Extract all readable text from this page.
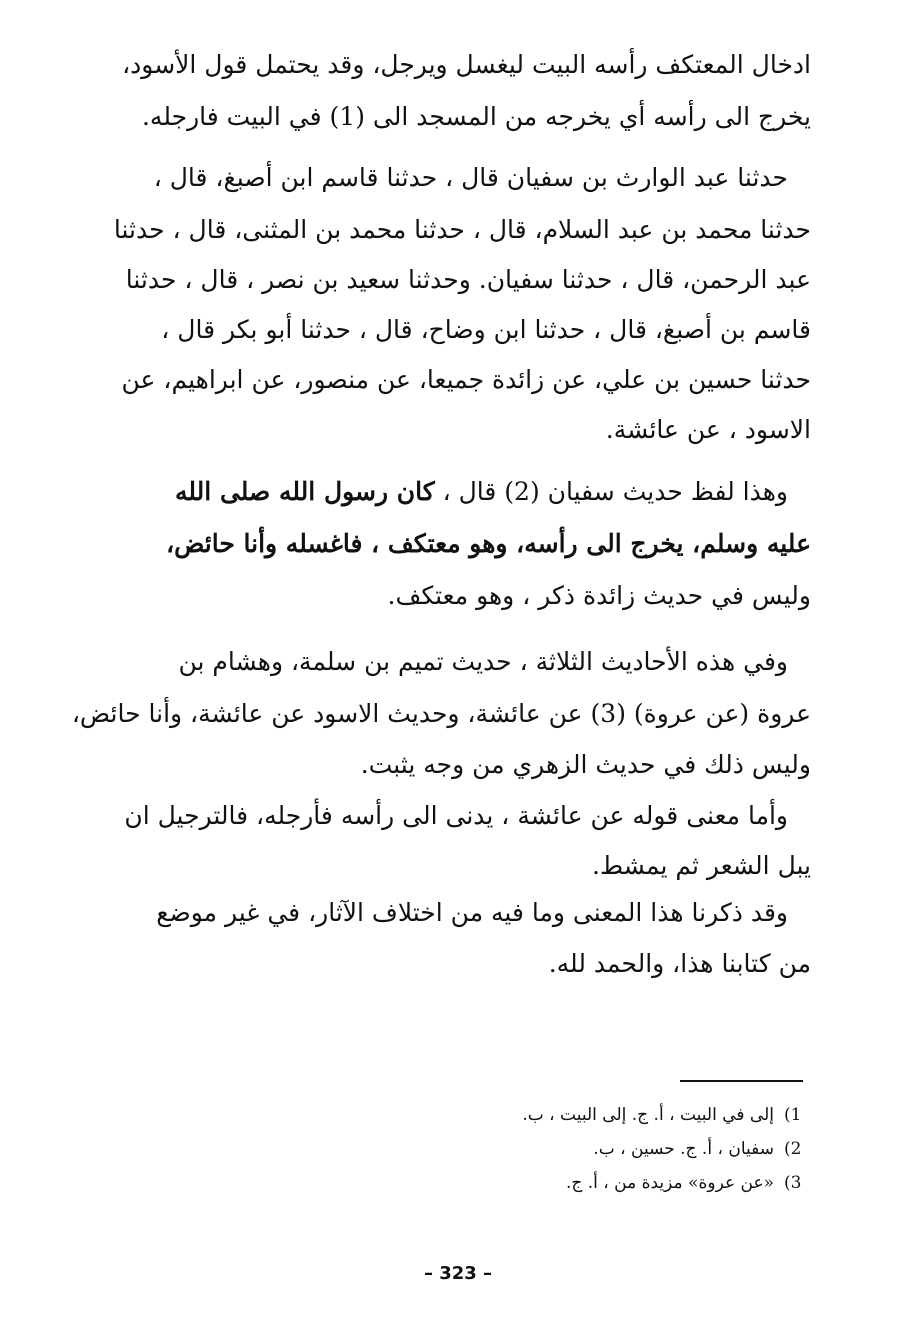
ادخال المعتكف رأسه البيت ليغسل ويرجل، وقد يحتمل قول الأسود،
يخرج الى رأسه أي يخرجه من المسجد الى (1) في البيت فارجله.
حدثنا عبد الوارث بن سفيان قال ، حدثنا قاسم ابن أصبغ، قال ،
حدثنا محمد بن عبد السلام، قال ، حدثنا محمد بن المثنى، قال ، حدثنا
عبد الرحمن، قال ، حدثنا سفيان. وحدثنا سعيد بن نصر ، قال ، حدثنا
قاسم بن أصبغ، قال ، حدثنا ابن وضاح، قال ، حدثنا أبو بكر قال ،
حدثنا حسين بن علي، عن زائدة جميعا، عن منصور، عن ابراهيم، عن
الاسود ، عن عائشة.
وهذا لفظ حديث سفيان (2) قال ، كان رسول الله صلى الله
عليه وسلم، يخرج الى رأسه، وهو معتكف ، فاغسله وأنا حائض،
وليس في حديث زائدة ذكر ، وهو معتكف.
وفي هذه الأحاديث الثلاثة ، حديث تميم بن سلمة، وهشام بن
عروة (عن عروة) (3) عن عائشة، وحديث الاسود عن عائشة، وأنا حائض،
وليس ذلك في حديث الزهري من وجه يثبت.
وأما معنى قوله عن عائشة ، يدنى الى رأسه فأرجله، فالترجيل ان
يبل الشعر ثم يمشط.
وقد ذكرنا هذا المعنى وما فيه من اختلاف الآثار، في غير موضع
من كتابنا هذا، والحمد لله.
1)إلى في البيت ، أ. ج. إلى البيت ، ب.
2)سفيان ، أ. ج. حسين ، ب.
3)«عن عروة» مزيدة من ، أ. ج.
– 323 –
